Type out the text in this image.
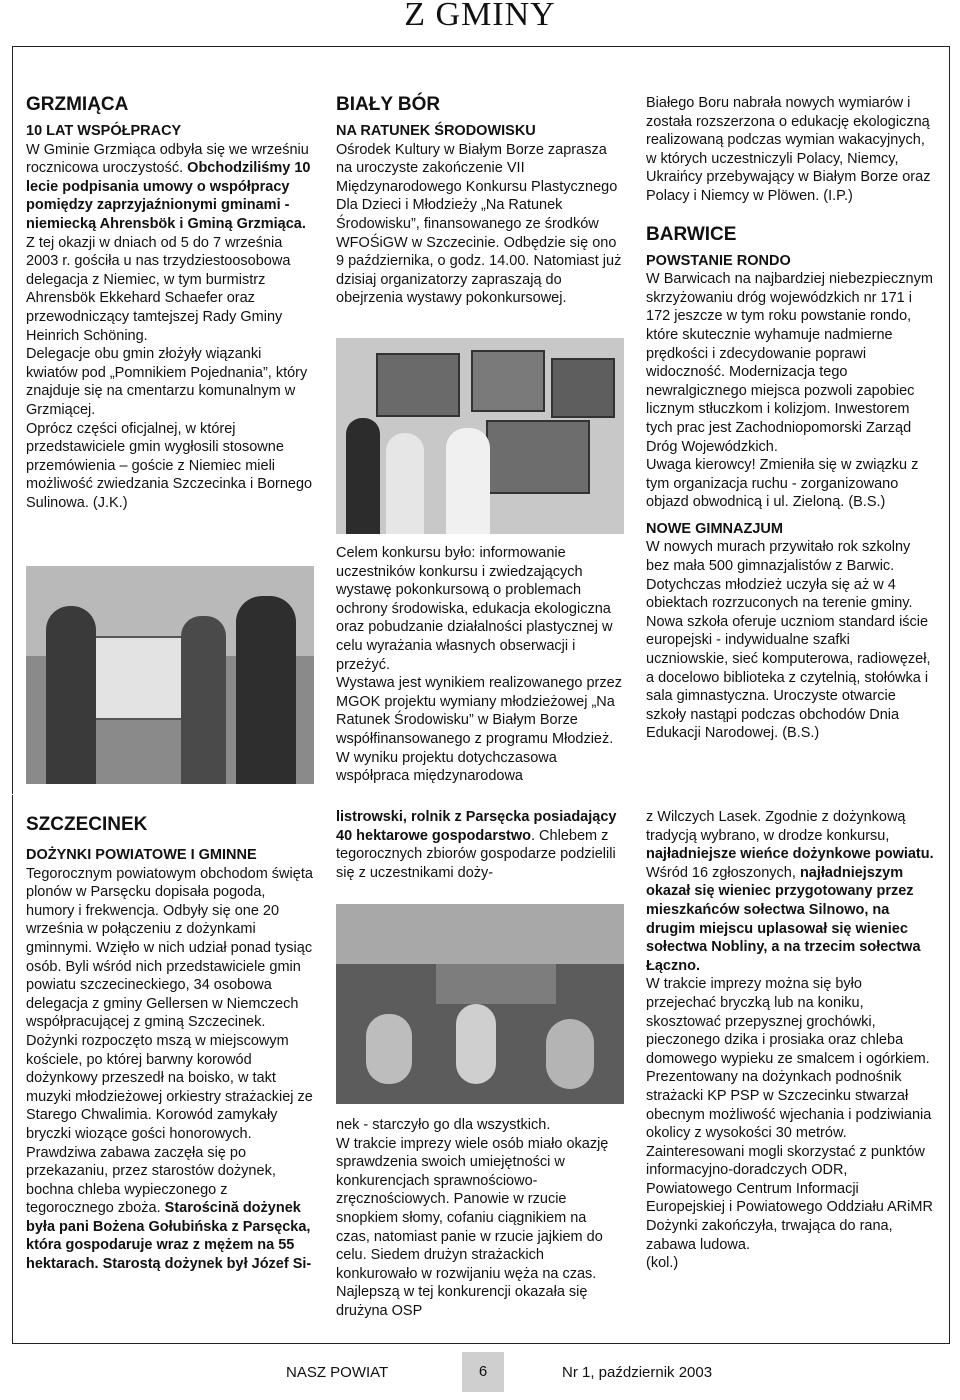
Z GMINY
GRZMIĄCA

10 LAT WSPÓŁPRACY

W Gminie Grzmiąca odbyła się we wrześniu rocznicowa uroczystość. Obchodziliśmy 10 lecie podpisania umowy o współpracy pomiędzy zaprzyjaźnionymi gminami - niemiecką Ahrensbök i Gminą Grzmiąca.

Z tej okazji w dniach od 5 do 7 września 2003 r. gościła u nas trzydziestoosobowa delegacja z Niemiec, w tym burmistrz Ahrensbök Ekkehard Schaefer oraz przewodniczący tamtejszej Rady Gminy Heinrich Schöning.

Delegacje obu gmin złożyły wiązanki kwiatów pod „Pomnikiem Pojednania”, który znajduje się na cmentarzu komunalnym w Grzmiącej.

Oprócz części oficjalnej, w której przedstawiciele gmin wygłosili stosowne przemówienia – goście z Niemiec mieli możliwość zwiedzania Szczecinka i Bornego Sulinowa. (J.K.)

BIAŁY BÓR

NA RATUNEK ŚRODOWISKU

Ośrodek Kultury w Białym Borze zaprasza na uroczyste zakończenie VII Międzynarodowego Konkursu Plastycznego Dla Dzieci i Młodzieży „Na Ratunek Środowisku”, finansowanego ze środków WFOŚiGW w Szczecinie. Odbędzie się ono 9 października, o godz. 14.00. Natomiast już dzisiaj organizatorzy zapraszają do obejrzenia wystawy pokonkursowej.

Celem konkursu było: informowanie uczestników konkursu i zwiedzających wystawę pokonkursową o problemach ochrony środowiska, edukacja ekologiczna oraz pobudzanie działalności plastycznej w celu wyrażania własnych obserwacji i przeżyć.

Wystawa jest wynikiem realizowanego przez MGOK projektu wymiany młodzieżowej „Na Ratunek Środowisku” w Białym Borze współfinansowanego z programu Młodzież. W wyniku projektu dotychczasowa współpraca międzynarodowa

Białego Boru nabrała nowych wymiarów i została rozszerzona o edukację ekologiczną realizowaną podczas wymian wakacyjnych, w których uczestniczyli Polacy, Niemcy, Ukraińcy przebywający w Białym Borze oraz Polacy i Niemcy w Plöwen. (I.P.)

BARWICE

POWSTANIE RONDO

W Barwicach na najbardziej niebezpiecznym skrzyżowaniu dróg wojewódzkich nr 171 i 172 jeszcze w tym roku powstanie rondo, które skutecznie wyhamuje nadmierne prędkości i zdecydowanie poprawi widoczność. Modernizacja tego newralgicznego miejsca pozwoli zapobiec licznym stłuczkom i kolizjom. Inwestorem tych prac jest Zachodniopomorski Zarząd Dróg Wojewódzkich.

Uwaga kierowcy! Zmieniła się w związku z tym organizacja ruchu - zorganizowano objazd obwodnicą i ul. Zieloną. (B.S.)

NOWE GIMNAZJUM

W nowych murach przywitało rok szkolny bez mała 500 gimnazjalistów z Barwic. Dotychczas młodzież uczyła się aż w 4 obiektach rozrzuconych na terenie gminy. Nowa szkoła oferuje uczniom standard iście europejski - indywidualne szafki uczniowskie, sieć komputerowa, radiowęzeł, a docelowo biblioteka z czytelnią, stołówka i sala gimnastyczna. Uroczyste otwarcie szkoły nastąpi podczas obchodów Dnia Edukacji Narodowej. (B.S.)

SZCZECINEK

DOŻYNKI POWIATOWE I GMINNE

Tegorocznym powiatowym obchodom święta plonów w Parsęcku dopisała pogoda, humory i frekwencja. Odbyły się one 20 września w połączeniu z dożynkami gminnymi. Wzięło w nich udział ponad tysiąc osób. Byli wśród nich przedstawiciele gmin powiatu szczecineckiego, 34 osobowa delegacja z gminy Gellersen w Niemczech współpracującej z gminą Szczecinek.

Dożynki rozpoczęto mszą w miejscowym kościele, po której barwny korowód dożynkowy przeszedł na boisko, w takt muzyki młodzieżowej orkiestry strażackiej ze Starego Chwalimia. Korowód zamykały bryczki wiozące gości honorowych.

Prawdziwa zabawa zaczęła się po przekazaniu, przez starostów dożynek, bochna chleba wypieczonego z tegorocznego zboża. Staroścină dożynek była pani Bożena Gołubińska z Parsęcka, która gospodaruje wraz z mężem na 55 hektarach. Starostą dożynek był Józef Si-

listrowski, rolnik z Parsęcka posiadający 40 hektarowe gospodarstwo. Chlebem z tegorocznych zbiorów gospodarze podzielili się z uczestnikami doży-

nek - starczyło go dla wszystkich.

W trakcie imprezy wiele osób miało okazję sprawdzenia swoich umiejętności w konkurencjach sprawnościowo-zręcznościowych. Panowie w rzucie snopkiem słomy, cofaniu ciągnikiem na czas, natomiast panie w rzucie jajkiem do celu. Siedem drużyn strażackich konkurowało w rozwijaniu węża na czas. Najlepszą w tej konkurencji okazała się drużyna OSP

z Wilczych Lasek. Zgodnie z dożynkową tradycją wybrano, w drodze konkursu, najładniejsze wieńce dożynkowe powiatu. Wśród 16 zgłoszonych, najładniejszym okazał się wieniec przygotowany przez mieszkańców sołectwa Silnowo, na drugim miejscu uplasował się wieniec sołectwa Nobliny, a na trzecim sołectwa Łączno.

W trakcie imprezy można się było przejechać bryczką lub na koniku, skosztować przepysznej grochówki, pieczonego dzika i prosiaka oraz chleba domowego wypieku ze smalcem i ogórkiem.

Prezentowany na dożynkach podnośnik strażacki KP PSP w Szczecinku stwarzał obecnym możliwość wjechania i podziwiania okolicy z wysokości 30 metrów.

Zainteresowani mogli skorzystać z punktów informacyjno-doradczych ODR, Powiatowego Centrum Informacji Europejskiej i Powiatowego Oddziału ARiMR

Dożynki zakończyła, trwająca do rana, zabawa ludowa.

(kol.)

NASZ POWIAT	6	Nr 1, październik 2003
